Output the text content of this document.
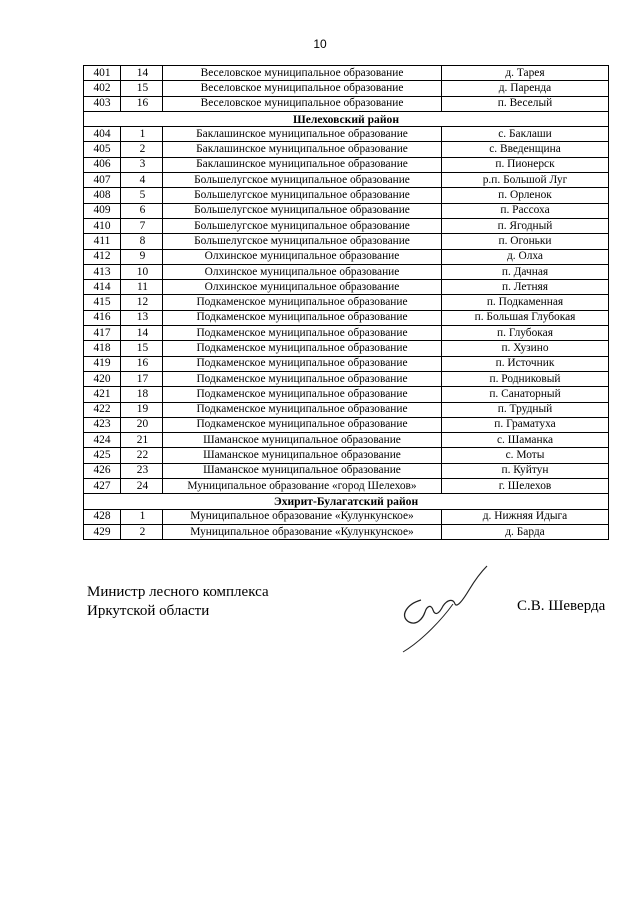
10
401	14	Веселовское муниципальное образование	д. Тарея
402	15	Веселовское муниципальное образование	д. Паренда
403	16	Веселовское муниципальное образование	п. Веселый
Шелеховский район			
404	1	Баклашинское муниципальное образование	с. Баклаши
405	2	Баклашинское муниципальное образование	с. Введенщина
406	3	Баклашинское муниципальное образование	п. Пионерск
407	4	Большелугское муниципальное образование	р.п. Большой Луг
408	5	Большелугское муниципальное образование	п. Орленок
409	6	Большелугское муниципальное образование	п. Рассоха
410	7	Большелугское муниципальное образование	п. Ягодный
411	8	Большелугское муниципальное образование	п. Огоньки
412	9	Олхинское муниципальное образование	д. Олха
413	10	Олхинское муниципальное образование	п. Дачная
414	11	Олхинское муниципальное образование	п. Летняя
415	12	Подкаменское муниципальное образование	п. Подкаменная
416	13	Подкаменское муниципальное образование	п. Большая Глубокая
417	14	Подкаменское муниципальное образование	п. Глубокая
418	15	Подкаменское муниципальное образование	п. Хузино
419	16	Подкаменское муниципальное образование	п. Источник
420	17	Подкаменское муниципальное образование	п. Родниковый
421	18	Подкаменское муниципальное образование	п. Санаторный
422	19	Подкаменское муниципальное образование	п. Трудный
423	20	Подкаменское муниципальное образование	п. Граматуха
424	21	Шаманское муниципальное образование	с. Шаманка
425	22	Шаманское муниципальное образование	с. Моты
426	23	Шаманское муниципальное образование	п. Куйтун
427	24	Муниципальное образование «город Шелехов»	г. Шелехов
Эхирит-Булагатский район			
428	1	Муниципальное образование «Кулункунское»	д. Нижняя Идыга
429	2	Муниципальное образование «Кулункунское»	д. Барда
Министр лесного комплекса
Иркутской области	С.В. Шеверда
